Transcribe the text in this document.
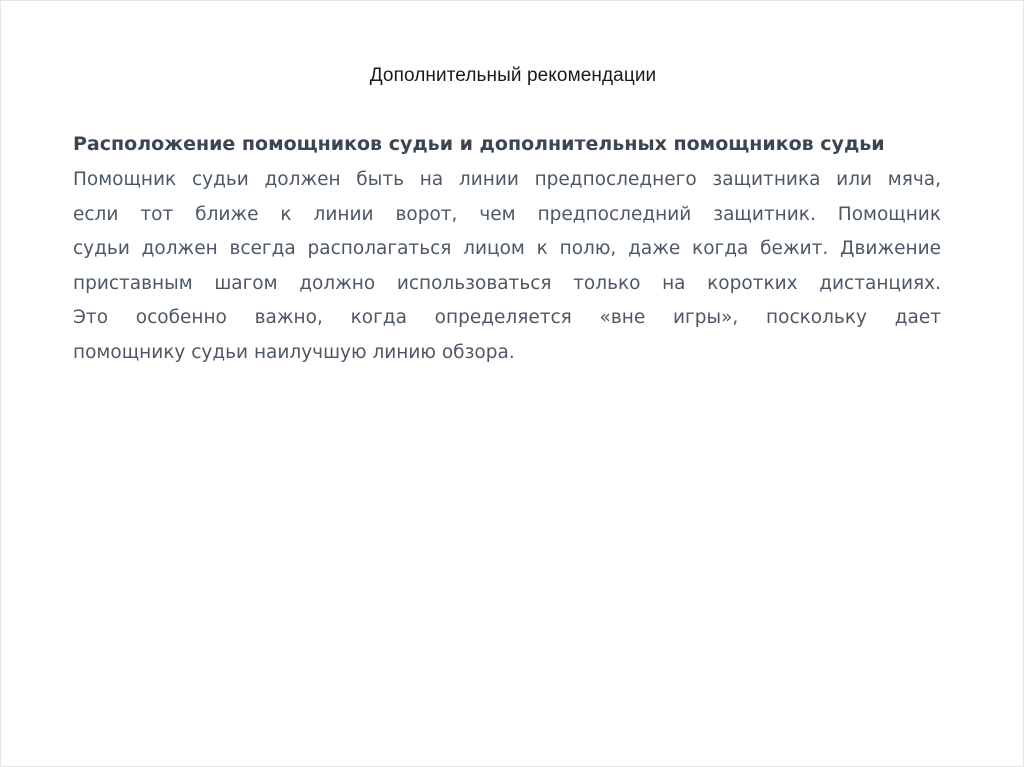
Дополнительный рекомендации
Расположение помощников судьи и дополнительных помощников судьи
Помощник судьи должен быть на линии предпоследнего защитника или мяча,
если тот ближе к линии ворот, чем предпоследний защитник. Помощник
судьи должен всегда располагаться лицом к полю, даже когда бежит. Движение
приставным шагом должно использоваться только на коротких дистанциях.
Это особенно важно, когда определяется «вне игры», поскольку дает
помощнику судьи наилучшую линию обзора.
